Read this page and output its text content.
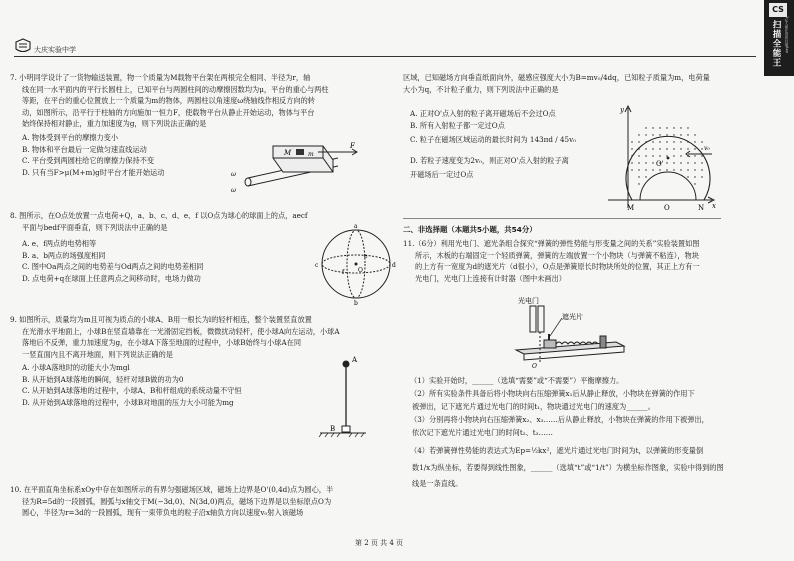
大庆实验中学
CS
扫描全能王 3亿人都在用的扫描App
7. 小明同学设计了一货物输送装置，物一个质量为M载物平台架在两根完全相同、半径为r，轴
线在同一水平面内的平行长圆柱上，已知平台与两圆柱间的动摩擦因数均为μ，平台的重心与两柱
等距，在平台的重心位置放上一个质量为m的物体，两圆柱以角速度ω绕轴线作相反方向的转
动，如图所示，沿平行于柱轴的方向施加一恒力F，使载物平台从静止开始运动，物体与平台
始终保持相对静止，重力加速度为g，则下列说法正确的是
A. 物体受到平台的摩擦力变小
B. 物体和平台最后一定做匀速直线运动
C. 平台受到两圆柱给它的摩擦力保持不变
D. 只有当F>μ(M+m)g时平台才能开始运动
M	m
F
ω
ω
8. 图所示，在O点处放置一点电荷+Q，a、b、c、d、e、f 以O点为球心的球面上的点，aecf
平面与bedf平面垂直，则下列说法中正确的是
A. e、f两点的电势相等
B. a、b两点的场强度相同
C. 图中Oa两点之间的电势差与Od两点之间的电势差相同
D. 点电荷+q在球面上任意两点之间移动时，电场力做功
a
b
c	d
e
f O
9. 如图所示，质量均为m且可视为质点的小球A、B用一根长为l的轻杆相连，整个装置竖直放置
在光滑水平地面上，小球B在竖直墙靠在一光滑固定挡板，微微扰动轻杆，使小球A向左运动，小球A
落地后不反弹，重力加速度为g，在小球A下落至地面的过程中，小球B始终与小球A在同
一竖直面内且不离开地面，则下列说法正确的是
A. 小球A落地时的动能大小为mgl
B. 从开始到A球落地的瞬间，轻杆对球B做的功为0
C. 从开始到A球落地的过程中，小球A、B和杆组成的系统动量不守恒
D. 从开始到A球落地的过程中，小球B对地面的压力大小可能为mg
A
B
10. 在平面直角坐标系xOy中存在如图所示的有界匀强磁场区域，磁场上边界是O'(0,4d)点为圆心，半
径为R=5d的一段圆弧，圆弧与x轴交于M(−3d,0)、N(3d,0)两点，磁场下边界是以坐标原点O为
圆心，半径为r=3d的一段圆弧，现有一束带负电的粒子沿x轴负方向以速度v₀射入该磁场
区域，已知磁场方向垂直纸面向外，磁感应强度大小为B=mv₀/4dq，已知粒子质量为m，电荷量
大小为q，不计粒子重力，则下列说法中正确的是
A. 正对O'点入射的粒子离开磁场后不会过O点
B. 所有入射粒子都一定过O点
C. 粒子在磁场区域运动的最长时间为 143πd / 45v₀
D. 若粒子速度变为2v₀，则正对O'点入射的粒子离
开磁场后一定过O点
y
x
O
O'
M	N
v₀
二、非选择题（本题共5小题，共54分）
11.（6分）利用光电门、遮光条组合探究“弹簧的弹性势能与形变量之间的关系”实验装置如图
所示，木板的右端固定一个轻质弹簧，弹簧的左端放置一个小物块（与弹簧不粘连），物块
的上方有一宽度为d的遮光片（d很小），O点是弹簧原长时物块所处的位置，其正上方有一
光电门，光电门上连接有计时器（图中未画出）
光电门
遮光片
O
（1）实验开始时，______（选填“需要”或“不需要”）平衡摩擦力。
（2）所有实验条件具备后将小物块向右压缩弹簧x₁后从静止释放，小物块在弹簧的作用下
被弹出，记下遮光片通过光电门的时间t₁，物块通过光电门的速度为______。
（3）分别再将小物块向右压缩弹簧x₂、x₃……后从静止释放，小物块在弹簧的作用下被弹出，
依次记下遮光片通过光电门的时间t₂、t₃……
（4）若弹簧弹性势能的表达式为Ep=½kx²，遮光片通过光电门时间为t，以弹簧的形变量倒
数1/x为纵坐标，若要得到线性图象，______（选填“t”或“1/t”）为横坐标作图象，实验中得到的图
线是一条直线。
第 2 页 共 4 页
